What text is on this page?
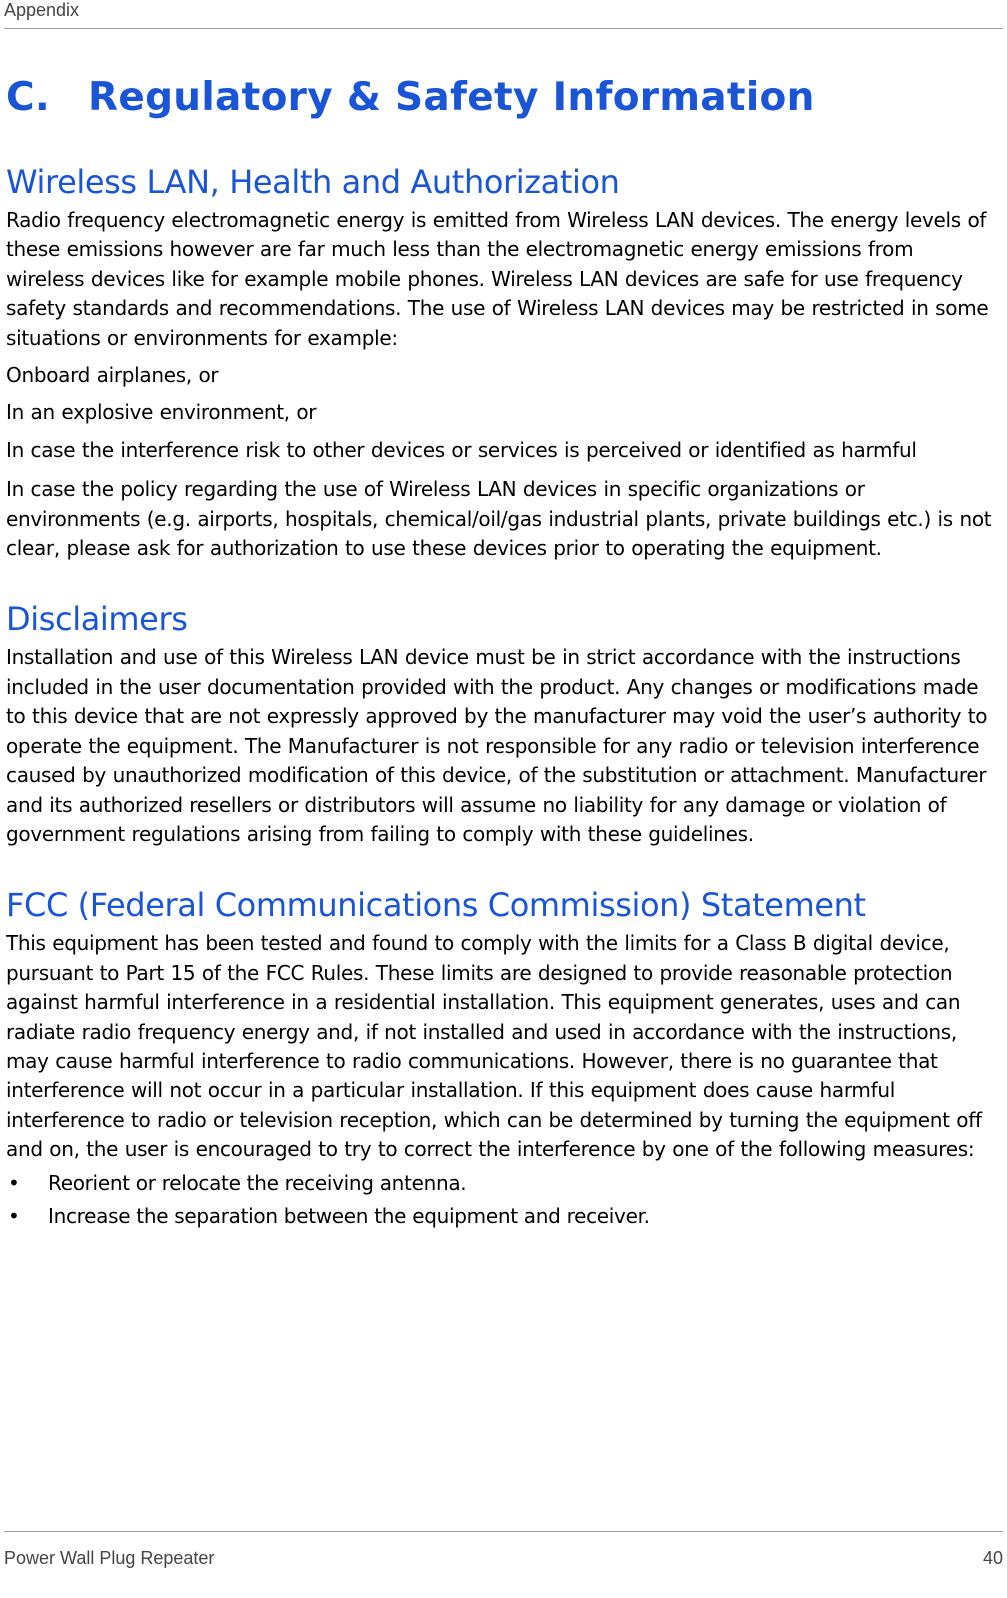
Appendix
C. Regulatory & Safety Information
Wireless LAN, Health and Authorization

Radio frequency electromagnetic energy is emitted from Wireless LAN devices. The energy levels of these emissions however are far much less than the electromagnetic energy emissions from wireless devices like for example mobile phones. Wireless LAN devices are safe for use frequency safety standards and recommendations. The use of Wireless LAN devices may be restricted in some situations or environments for example:

Onboard airplanes, or

In an explosive environment, or

In case the interference risk to other devices or services is perceived or identified as harmful

In case the policy regarding the use of Wireless LAN devices in specific organizations or environments (e.g. airports, hospitals, chemical/oil/gas industrial plants, private buildings etc.) is not clear, please ask for authorization to use these devices prior to operating the equipment.

Disclaimers

Installation and use of this Wireless LAN device must be in strict accordance with the instructions included in the user documentation provided with the product. Any changes or modifications made to this device that are not expressly approved by the manufacturer may void the user’s authority to operate the equipment. The Manufacturer is not responsible for any radio or television interference caused by unauthorized modification of this device, of the substitution or attachment. Manufacturer and its authorized resellers or distributors will assume no liability for any damage or violation of government regulations arising from failing to comply with these guidelines.

FCC (Federal Communications Commission) Statement

This equipment has been tested and found to comply with the limits for a Class B digital device, pursuant to Part 15 of the FCC Rules. These limits are designed to provide reasonable protection against harmful interference in a residential installation. This equipment generates, uses and can radiate radio frequency energy and, if not installed and used in accordance with the instructions, may cause harmful interference to radio communications. However, there is no guarantee that interference will not occur in a particular installation. If this equipment does cause harmful interference to radio or television reception, which can be determined by turning the equipment off and on, the user is encouraged to try to correct the interference by one of the following measures:

• Reorient or relocate the receiving antenna.
• Increase the separation between the equipment and receiver.
Power Wall Plug Repeater	40
